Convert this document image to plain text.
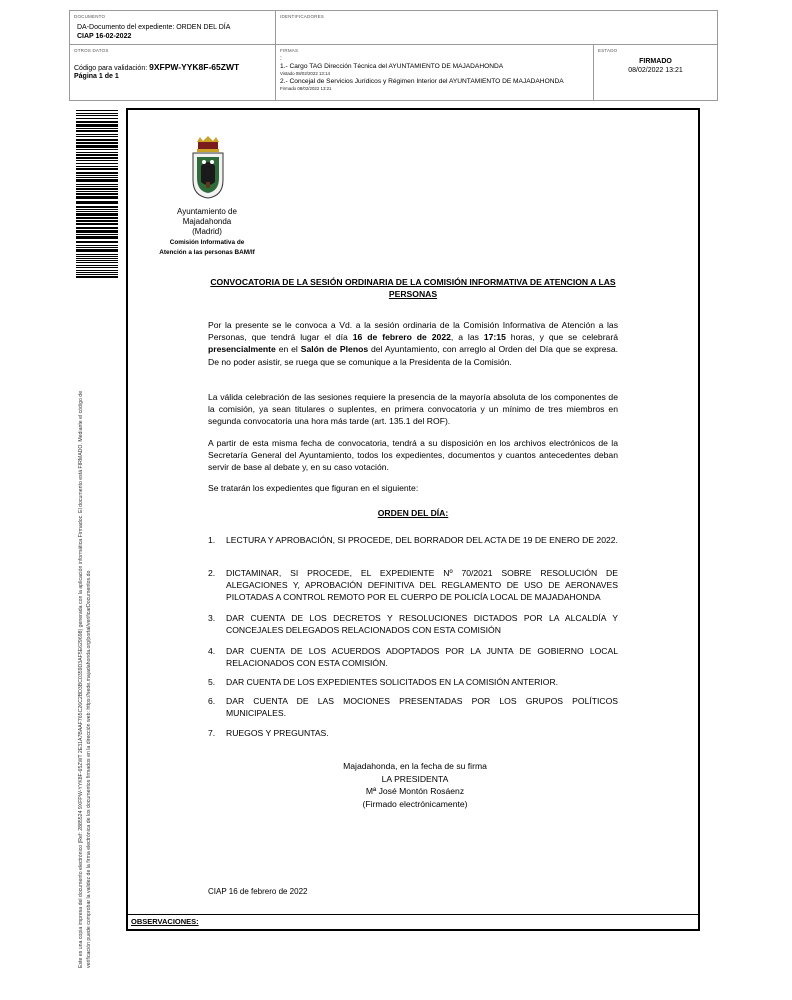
DOCUMENTO
DA-Documento del expediente: ORDEN DEL DÍA
CIAP 16-02-2022
IDENTIFICADORES
OTROS DATOS
Código para validación: 9XFPW-YYK8F-65ZWT
Página 1 de 1
FIRMAS
:
1.- Cargo TAG Dirección Técnica del AYUNTAMIENTO DE MAJADAHONDA
Vistado 08/02/2022 13:14
2.- Concejal de Servicios Jurídicos y Régimen Interior del AYUNTAMIENTO DE MAJADAHONDA
Firmado 08/02/2022 13:21
ESTADO
FIRMADO
08/02/2022 13:21
Este es una copia impresa del documento electrónico (Ref: 2885524 9XFPW-YYK8F-65ZWT 2E31A7BAAF765C26C2BD3BC0359D3AF5E629698) generada con la aplicación informática Firmadoc. El documento está FIRMADO. Mediante el código de verificación puede comprobar la validez de la firma electrónica de los documentos firmados en la dirección web: https://sede.majadahonda.org/portal/verificarDocumentos.do	OBSERVACIONES:
Ayuntamiento de
Majadahonda
(Madrid)
Comisión Informativa de
Atención a las personas BAM/lf
CONVOCATORIA DE LA SESIÓN ORDINARIA DE LA COMISIÓN INFORMATIVA DE ATENCION A LAS PERSONAS
Por la presente se le convoca a Vd. a la sesión ordinaria de la Comisión Informativa de Atención a las Personas, que tendrá lugar el día 16 de febrero de 2022, a las 17:15 horas, y que se celebrará presencialmente en el Salón de Plenos del Ayuntamiento, con arreglo al Orden del Día que se expresa. De no poder asistir, se ruega que se comunique a la Presidenta de la Comisión.
La válida celebración de las sesiones requiere la presencia de la mayoría absoluta de los componentes de la comisión, ya sean titulares o suplentes, en primera convocatoria y un mínimo de tres miembros en segunda convocatoria una hora más tarde (art. 135.1 del ROF).
A partir de esta misma fecha de convocatoria, tendrá a su disposición en los archivos electrónicos de la Secretaría General del Ayuntamiento, todos los expedientes, documentos y cuantos antecedentes deban servir de base al debate y, en su caso votación.
Se tratarán los expedientes que figuran en el siguiente:
ORDEN DEL DÍA:
1.	LECTURA Y APROBACIÓN, SI PROCEDE, DEL BORRADOR DEL ACTA DE 19 DE ENERO DE 2022.
2.	DICTAMINAR, SI PROCEDE, EL EXPEDIENTE Nº 70/2021 SOBRE RESOLUCIÓN DE ALEGACIONES Y, APROBACIÓN DEFINITIVA DEL REGLAMENTO DE USO DE AERONAVES PILOTADAS A CONTROL REMOTO POR EL CUERPO DE POLICÍA LOCAL DE MAJADAHONDA
3.	DAR CUENTA DE LOS DECRETOS Y RESOLUCIONES DICTADOS POR LA ALCALDÍA Y CONCEJALES DELEGADOS RELACIONADOS CON ESTA COMISIÓN
4.	DAR CUENTA DE LOS ACUERDOS ADOPTADOS POR LA JUNTA DE GOBIERNO LOCAL RELACIONADOS CON ESTA COMISIÓN.
5.	DAR CUENTA DE LOS EXPEDIENTES SOLICITADOS EN LA COMISIÓN ANTERIOR.
6.	DAR CUENTA DE LAS MOCIONES PRESENTADAS POR LOS GRUPOS POLÍTICOS MUNICIPALES.
7.	RUEGOS Y PREGUNTAS.
Majadahonda, en la fecha de su firma
LA PRESIDENTA
Mª José Montón Rosáenz
(Firmado electrónicamente)
CIAP 16 de febrero de 2022
